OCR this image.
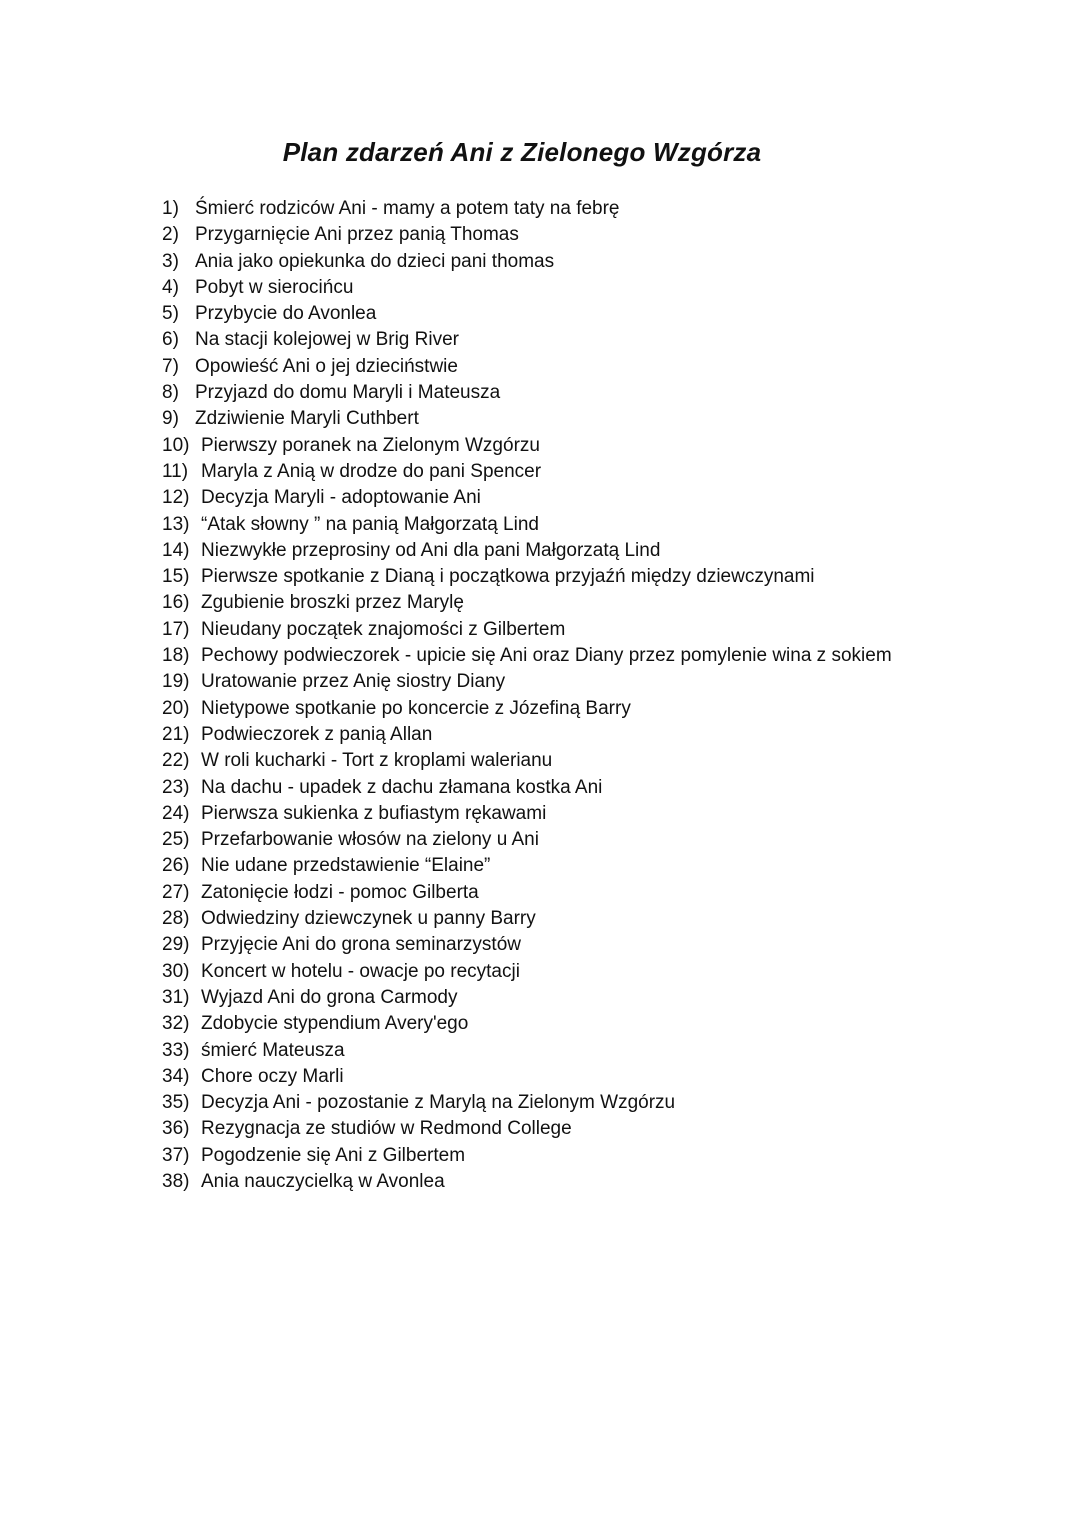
Plan zdarzeń Ani z Zielonego Wzgórza
1) Śmierć rodziców Ani - mamy a potem taty na febrę
2) Przygarnięcie Ani przez panią Thomas
3) Ania jako opiekunka do dzieci pani thomas
4) Pobyt w sierocińcu
5) Przybycie do Avonlea
6) Na stacji kolejowej w Brig River
7) Opowieść Ani o jej dzieciństwie
8) Przyjazd do domu Maryli i Mateusza
9) Zdziwienie Maryli Cuthbert
10) Pierwszy poranek na Zielonym Wzgórzu
11) Maryla z Anią w drodze do pani Spencer
12) Decyzja Maryli - adoptowanie Ani
13) “Atak słowny ” na panią Małgorzatą Lind
14) Niezwykłe przeprosiny od Ani dla pani Małgorzatą Lind
15) Pierwsze spotkanie z Dianą i początkowa przyjaźń między dziewczynami
16) Zgubienie broszki przez Marylę
17) Nieudany początek znajomości z Gilbertem
18) Pechowy podwieczorek - upicie się Ani oraz Diany przez pomylenie wina z sokiem
19) Uratowanie przez Anię siostry Diany
20) Nietypowe spotkanie po koncercie z Józefiną Barry
21) Podwieczorek z panią Allan
22) W roli kucharki - Tort z kroplami walerianu
23) Na dachu - upadek z dachu złamana kostka Ani
24) Pierwsza sukienka z bufiastym rękawami
25) Przefarbowanie włosów na zielony u Ani
26) Nie udane przedstawienie “Elaine”
27) Zatonięcie łodzi - pomoc Gilberta
28) Odwiedziny dziewczynek u panny Barry
29) Przyjęcie Ani do grona seminarzystów
30) Koncert w hotelu - owacje po recytacji
31) Wyjazd Ani do grona Carmody
32) Zdobycie stypendium Avery'ego
33) śmierć Mateusza
34) Chore oczy Marli
35) Decyzja Ani - pozostanie z Marylą na Zielonym Wzgórzu
36) Rezygnacja ze studiów w Redmond College
37) Pogodzenie się Ani z Gilbertem
38) Ania nauczycielką w Avonlea
